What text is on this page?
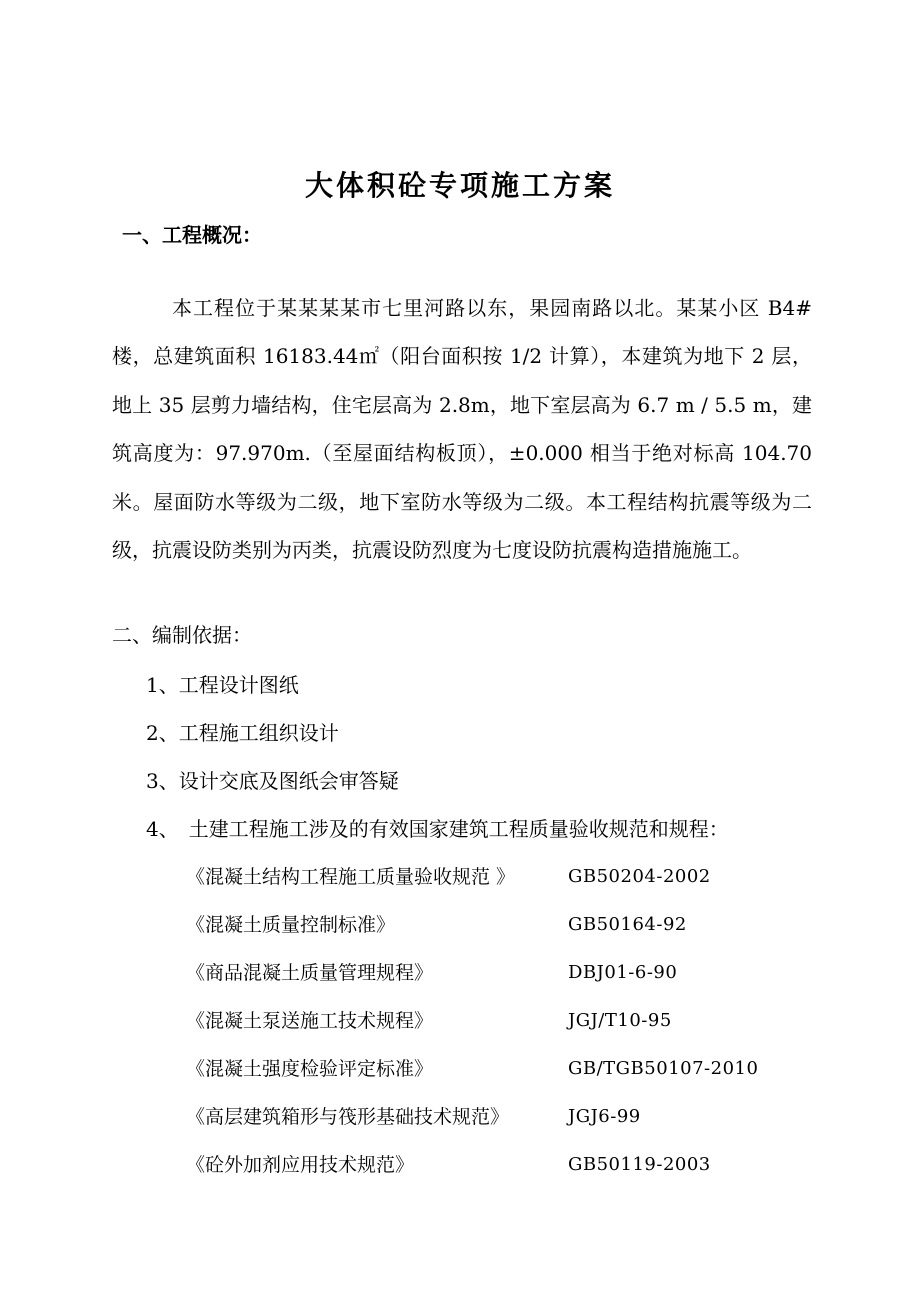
大体积砼专项施工方案
一、工程概况：

本工程位于某某某某市七里河路以东，果园南路以北。某某小区 B4#楼，总建筑面积 16183.44㎡（阳台面积按 1/2 计算），本建筑为地下 2 层，地上 35 层剪力墙结构，住宅层高为 2.8m，地下室层高为 6.7 m / 5.5 m，建筑高度为：97.970m.（至屋面结构板顶），±0.000 相当于绝对标高 104.70 米。屋面防水等级为二级，地下室防水等级为二级。本工程结构抗震等级为二级，抗震设防类别为丙类，抗震设防烈度为七度设防抗震构造措施施工。

二、编制依据：
1、工程设计图纸
2、工程施工组织设计
3、设计交底及图纸会审答疑
4、　土建工程施工涉及的有效国家建筑工程质量验收规范和规程：
《混凝土结构工程施工质量验收规范 》	GB50204-2002
《混凝土质量控制标准》	GB50164-92
《商品混凝土质量管理规程》	DBJ01-6-90
《混凝土泵送施工技术规程》	JGJ/T10-95
《混凝土强度检验评定标准》	GB/TGB50107-2010
《高层建筑箱形与筏形基础技术规范》	JGJ6-99
《砼外加剂应用技术规范》	GB50119-2003
